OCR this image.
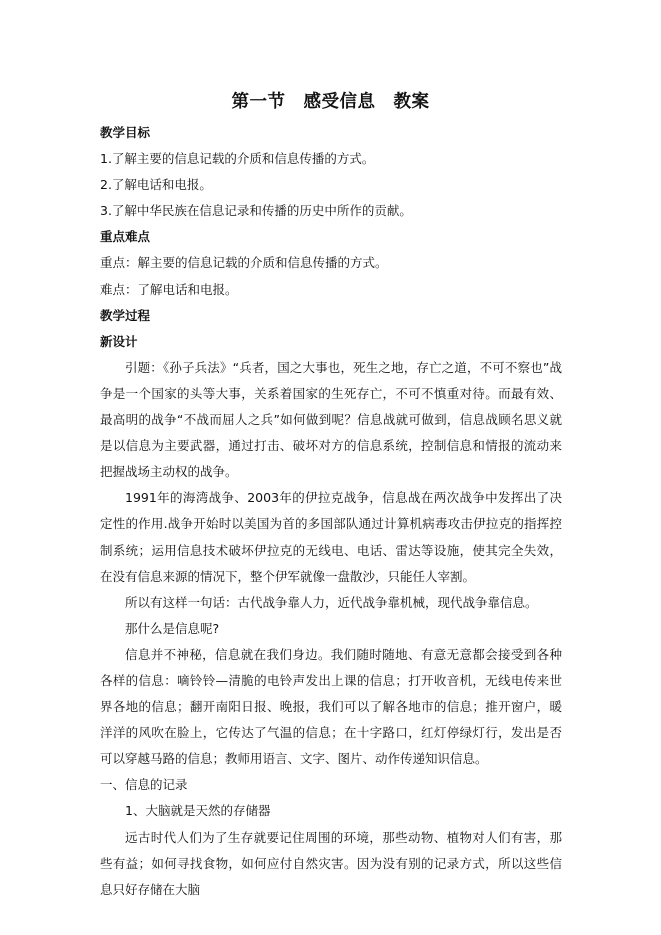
第一节　感受信息　教案

教学目标

1.了解主要的信息记载的介质和信息传播的方式。

2.了解电话和电报。

3.了解中华民族在信息记录和传播的历史中所作的贡献。

重点难点

重点：解主要的信息记载的介质和信息传播的方式。

难点：了解电话和电报。

教学过程

新设计

引题：《孙子兵法》“兵者，国之大事也，死生之地，存亡之道，不可不察也”战争是一个国家的头等大事，关系着国家的生死存亡，不可不慎重对待。而最有效、最高明的战争“不战而屈人之兵”如何做到呢？信息战就可做到，信息战顾名思义就是以信息为主要武器，通过打击、破坏对方的信息系统，控制信息和情报的流动来把握战场主动权的战争。

1991年的海湾战争、2003年的伊拉克战争，信息战在两次战争中发挥出了决定性的作用.战争开始时以美国为首的多国部队通过计算机病毒攻击伊拉克的指挥控制系统；运用信息技术破坏伊拉克的无线电、电话、雷达等设施，使其完全失效，在没有信息来源的情况下，整个伊军就像一盘散沙，只能任人宰割。

所以有这样一句话：古代战争靠人力，近代战争靠机械，现代战争靠信息。

那什么是信息呢?

信息并不神秘，信息就在我们身边。我们随时随地、有意无意都会接受到各种各样的信息：嘀铃铃—清脆的电铃声发出上课的信息；打开收音机，无线电传来世界各地的信息；翻开南阳日报、晚报，我们可以了解各地市的信息；推开窗户，暖洋洋的风吹在脸上，它传达了气温的信息；在十字路口，红灯停绿灯行，发出是否可以穿越马路的信息；教师用语言、文字、图片、动作传递知识信息。

一、信息的记录

1、大脑就是天然的存储器

远古时代人们为了生存就要记住周围的环境，那些动物、植物对人们有害，那些有益；如何寻找食物，如何应付自然灾害。因为没有别的记录方式，所以这些信息只好存储在大脑
